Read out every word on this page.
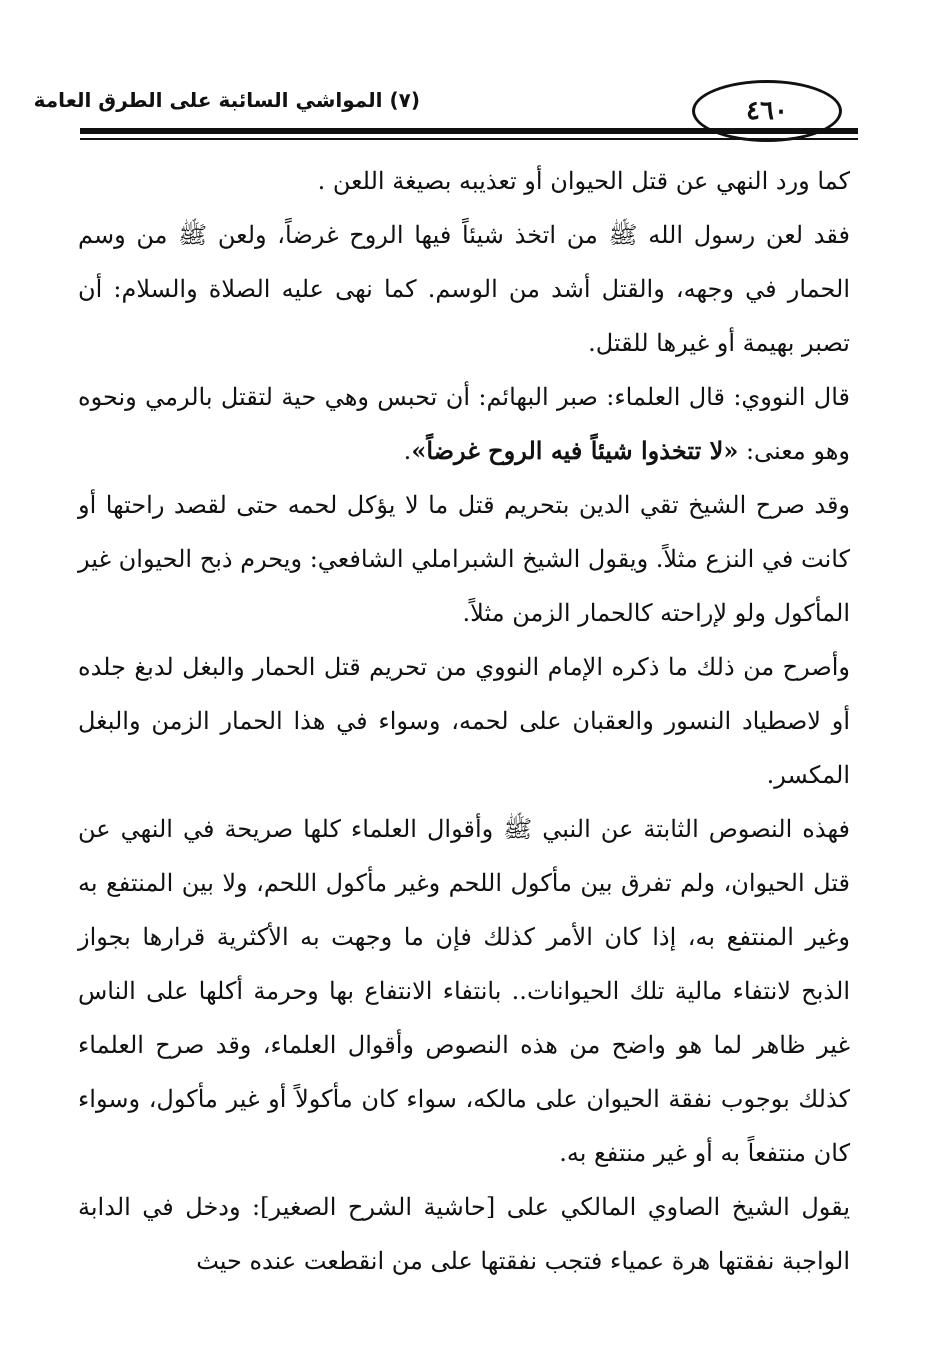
٤٦٠
(٧) المواشي السائبة على الطرق العامة

كما ورد النهي عن قتل الحيوان أو تعذيبه بصيغة اللعن .

فقد لعن رسول الله ﷺ من اتخذ شيئاً فيها الروح غرضاً، ولعن ﷺ من وسم الحمار في وجهه، والقتل أشد من الوسم. كما نهى عليه الصلاة والسلام: أن تصبر بهيمة أو غيرها للقتل.

قال النووي: قال العلماء: صبر البهائم: أن تحبس وهي حية لتقتل بالرمي ونحوه وهو معنى: «لا تتخذوا شيئاً فيه الروح غرضاً».

وقد صرح الشيخ تقي الدين بتحريم قتل ما لا يؤكل لحمه حتى لقصد راحتها أو كانت في النزع مثلاً. ويقول الشيخ الشبراملي الشافعي: ويحرم ذبح الحيوان غير المأكول ولو لإراحته كالحمار الزمن مثلاً.

وأصرح من ذلك ما ذكره الإمام النووي من تحريم قتل الحمار والبغل لدبغ جلده أو لاصطياد النسور والعقبان على لحمه، وسواء في هذا الحمار الزمن والبغل المكسر.

فهذه النصوص الثابتة عن النبي ﷺ وأقوال العلماء كلها صريحة في النهي عن قتل الحيوان، ولم تفرق بين مأكول اللحم وغير مأكول اللحم، ولا بين المنتفع به وغير المنتفع به، إذا كان الأمر كذلك فإن ما وجهت به الأكثرية قرارها بجواز الذبح لانتفاء مالية تلك الحيوانات.. بانتفاء الانتفاع بها وحرمة أكلها على الناس غير ظاهر لما هو واضح من هذه النصوص وأقوال العلماء، وقد صرح العلماء كذلك بوجوب نفقة الحيوان على مالكه، سواء كان مأكولاً أو غير مأكول، وسواء كان منتفعاً به أو غير منتفع به.

يقول الشيخ الصاوي المالكي على [حاشية الشرح الصغير]: ودخل في الدابة الواجبة نفقتها هرة عمياء فتجب نفقتها على من انقطعت عنده حيث
